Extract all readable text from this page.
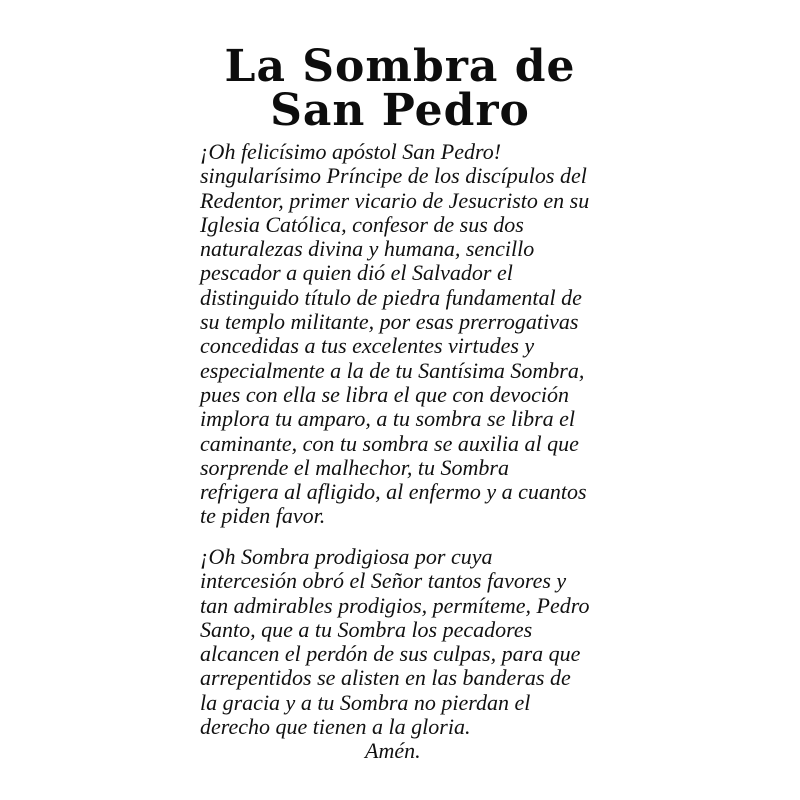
La Sombra de
San Pedro
¡Oh felicísimo apóstol San Pedro!
singularísimo Príncipe de los discípulos del
Redentor, primer vicario de Jesucristo en su
Iglesia Católica, confesor de sus dos
naturalezas divina y humana, sencillo
pescador a quien dió el Salvador el
distinguido título de piedra fundamental de
su templo militante, por esas prerrogativas
concedidas a tus excelentes virtudes y
especialmente a la de tu Santísima Sombra,
pues con ella se libra el que con devoción
implora tu amparo, a tu sombra se libra el
caminante, con tu sombra se auxilia al que
sorprende el malhechor, tu Sombra
refrigera al afligido, al enfermo y a cuantos
te piden favor.
¡Oh Sombra prodigiosa por cuya
intercesión obró el Señor tantos favores y
tan admirables prodigios, permíteme, Pedro
Santo, que a tu Sombra los pecadores
alcancen el perdón de sus culpas, para que
arrepentidos se alisten en las banderas de
la gracia y a tu Sombra no pierdan el
derecho que tienen a la gloria.
Amén.
